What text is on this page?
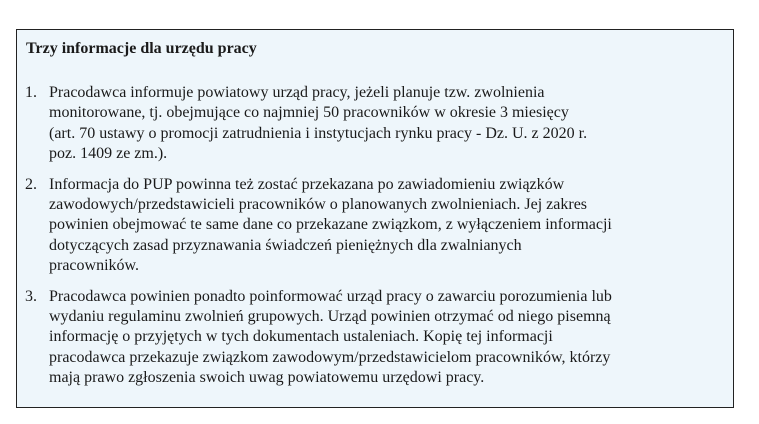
Trzy informacje dla urzędu pracy

1. Pracodawca informuje powiatowy urząd pracy, jeżeli planuje tzw. zwolnienia
monitorowane, tj. obejmujące co najmniej 50 pracowników w okresie 3 miesięcy
(art. 70 ustawy o promocji zatrudnienia i instytucjach rynku pracy - Dz. U. z 2020 r.
poz. 1409 ze zm.).
2. Informacja do PUP powinna też zostać przekazana po zawiadomieniu związków
zawodowych/przedstawicieli pracowników o planowanych zwolnieniach. Jej zakres
powinien obejmować te same dane co przekazane związkom, z wyłączeniem informacji
dotyczących zasad przyznawania świadczeń pieniężnych dla zwalnianych
pracowników.
3. Pracodawca powinien ponadto poinformować urząd pracy o zawarciu porozumienia lub
wydaniu regulaminu zwolnień grupowych. Urząd powinien otrzymać od niego pisemną
informację o przyjętych w tych dokumentach ustaleniach. Kopię tej informacji
pracodawca przekazuje związkom zawodowym/przedstawicielom pracowników, którzy
mają prawo zgłoszenia swoich uwag powiatowemu urzędowi pracy.
